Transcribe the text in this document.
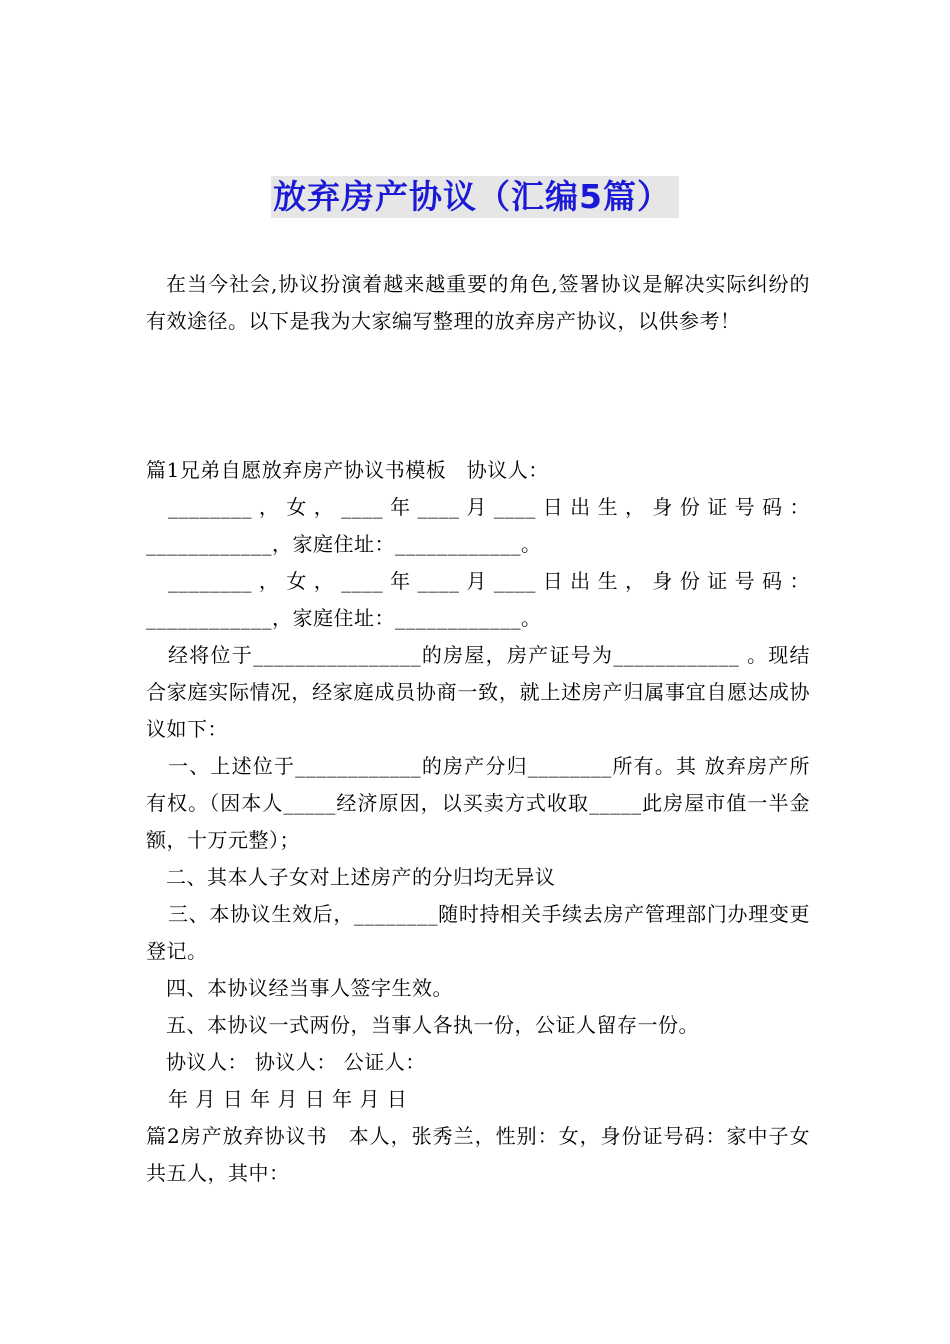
放弃房产协议（汇编5篇）

在当今社会,协议扮演着越来越重要的角色,签署协议是解决实际纠纷的有效途径。以下是我为大家编写整理的放弃房产协议，以供参考！

篇1兄弟自愿放弃房产协议书模板　协议人：

________，女，____年____月____日出生，身份证号码：____________，家庭住址：____________。

________，女，____年____月____日出生，身份证号码：____________，家庭住址：____________。

经将位于________________的房屋，房产证号为____________ 。现结合家庭实际情况，经家庭成员协商一致，就上述房产归属事宜自愿达成协议如下：

一、上述位于____________的房产分归________所有。其 放弃房产所有权。（因本人_____经济原因，以买卖方式收取_____此房屋市值一半金额，十万元整）；

二、其本人子女对上述房产的分归均无异议

三、本协议生效后，________随时持相关手续去房产管理部门办理变更登记。

四、本协议经当事人签字生效。

五、本协议一式两份，当事人各执一份，公证人留存一份。

协议人： 协议人： 公证人：

年 月 日 年 月 日 年 月 日

篇2房产放弃协议书　本人，张秀兰，性别：女，身份证号码：家中子女共五人，其中：
